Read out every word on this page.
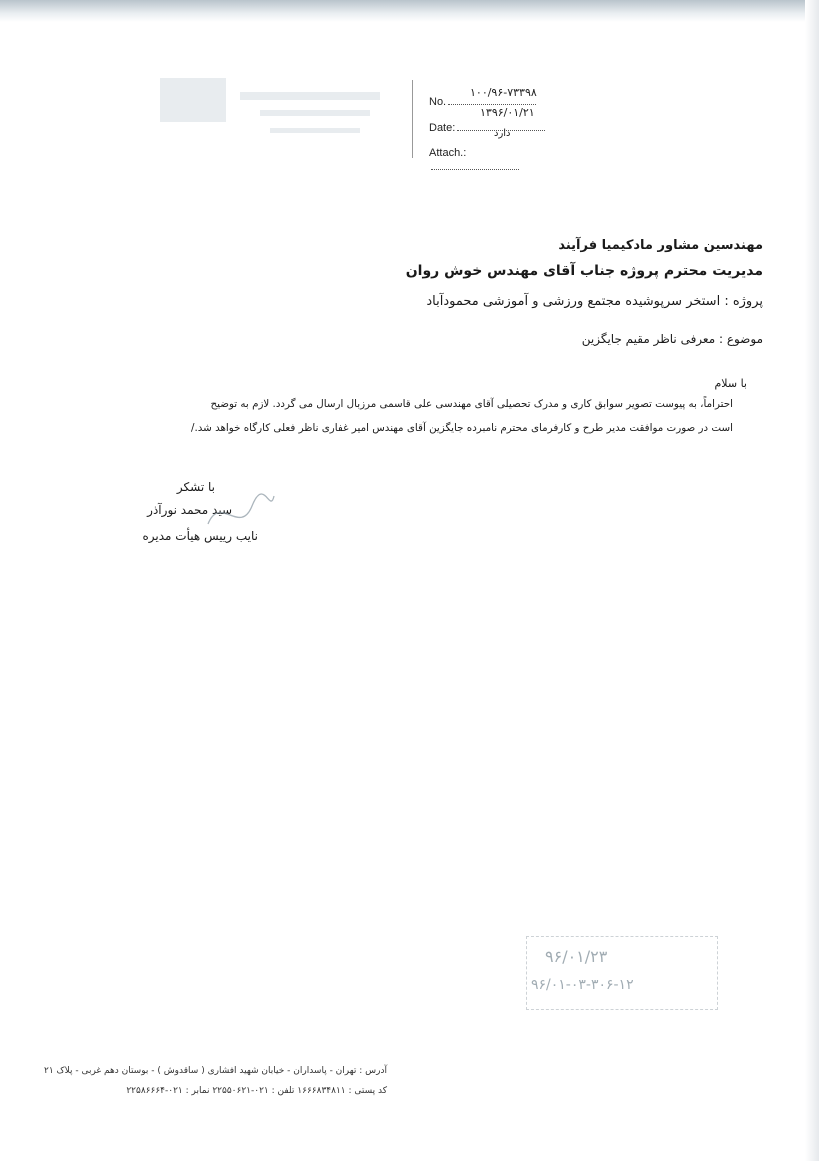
No.
Date:
Attach.:
۱۰۰/۹۶-۷۳۳۹۸
۱۳۹۶/۰۱/۲۱
دارد
مهندسین مشاور مادکیمیا فرآیند
مدیریت محترم پروژه جناب آقای مهندس خوش روان
پروژه : استخر سرپوشیده مجتمع ورزشی و آموزشی محمودآباد
موضوع : معرفی ناظر مقیم جایگزین
با سلام
احتراماً، به پیوست تصویر سوابق کاری و مدرک تحصیلی آقای مهندسی علی قاسمی مرزبال ارسال می گردد. لازم به توضیح
است در صورت موافقت مدیر طرح و کارفرمای محترم نامبرده جایگزین آقای مهندس امیر غفاری ناظر فعلی کارگاه خواهد شد./
با تشکر
سید محمد نورآذر
نایب رییس هیأت مدیره
۹۶/۰۱/۲۳
۹۶/۰۱-۰۳-۳۰۶-۱۲
آدرس : تهران - پاسداران - خیابان شهید افشاری ( ساقدوش ) - بوستان دهم غربی - پلاک ۲۱
کد پستی : ۱۶۶۶۸۳۴۸۱۱ تلفن : ۰۲۱-۲۲۵۵۰۶۲۱ نمابر : ۰۲۱-۲۲۵۸۶۶۶۴
